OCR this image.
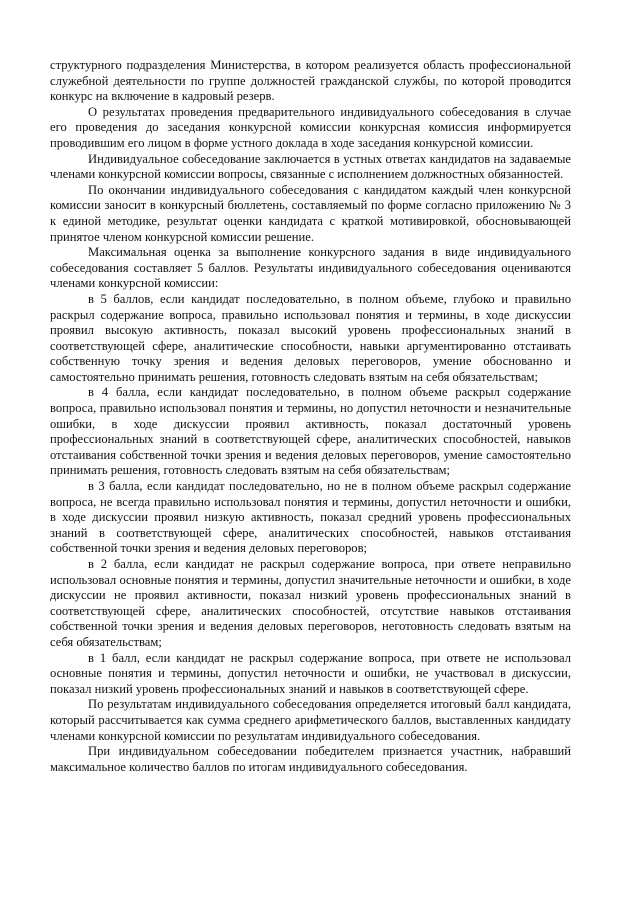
структурного подразделения Министерства, в котором реализуется область профессиональной служебной деятельности по группе должностей гражданской службы, по которой проводится конкурс на включение в кадровый резерв.

О результатах проведения предварительного индивидуального собеседования в случае его проведения до заседания конкурсной комиссии конкурсная комиссия информируется проводившим его лицом в форме устного доклада в ходе заседания конкурсной комиссии.

Индивидуальное собеседование заключается в устных ответах кандидатов на задаваемые членами конкурсной комиссии вопросы, связанные с исполнением должностных обязанностей.

По окончании индивидуального собеседования с кандидатом каждый член конкурсной комиссии заносит в конкурсный бюллетень, составляемый по форме согласно приложению № 3 к единой методике, результат оценки кандидата с краткой мотивировкой, обосновывающей принятое членом конкурсной комиссии решение.

Максимальная оценка за выполнение конкурсного задания в виде индивидуального собеседования составляет 5 баллов. Результаты индивидуального собеседования оцениваются членами конкурсной комиссии:

в 5 баллов, если кандидат последовательно, в полном объеме, глубоко и правильно раскрыл содержание вопроса, правильно использовал понятия и термины, в ходе дискуссии проявил высокую активность, показал высокий уровень профессиональных знаний в соответствующей сфере, аналитические способности, навыки аргументированно отстаивать собственную точку зрения и ведения деловых переговоров, умение обоснованно и самостоятельно принимать решения, готовность следовать взятым на себя обязательствам;

в 4 балла, если кандидат последовательно, в полном объеме раскрыл содержание вопроса, правильно использовал понятия и термины, но допустил неточности и незначительные ошибки, в ходе дискуссии проявил активность, показал достаточный уровень профессиональных знаний в соответствующей сфере, аналитических способностей, навыков отстаивания собственной точки зрения и ведения деловых переговоров, умение самостоятельно принимать решения, готовность следовать взятым на себя обязательствам;

в 3 балла, если кандидат последовательно, но не в полном объеме раскрыл содержание вопроса, не всегда правильно использовал понятия и термины, допустил неточности и ошибки, в ходе дискуссии проявил низкую активность, показал средний уровень профессиональных знаний в соответствующей сфере, аналитических способностей, навыков отстаивания собственной точки зрения и ведения деловых переговоров;

в 2 балла, если кандидат не раскрыл содержание вопроса, при ответе неправильно использовал основные понятия и термины, допустил значительные неточности и ошибки, в ходе дискуссии не проявил активности, показал низкий уровень профессиональных знаний в соответствующей сфере, аналитических способностей, отсутствие навыков отстаивания собственной точки зрения и ведения деловых переговоров, неготовность следовать взятым на себя обязательствам;

в 1 балл, если кандидат не раскрыл содержание вопроса, при ответе не использовал основные понятия и термины, допустил неточности и ошибки, не участвовал в дискуссии, показал низкий уровень профессиональных знаний и навыков в соответствующей сфере.

По результатам индивидуального собеседования определяется итоговый балл кандидата, который рассчитывается как сумма среднего арифметического баллов, выставленных кандидату членами конкурсной комиссии по результатам индивидуального собеседования.

При индивидуальном собеседовании победителем признается участник, набравший максимальное количество баллов по итогам индивидуального собеседования.
